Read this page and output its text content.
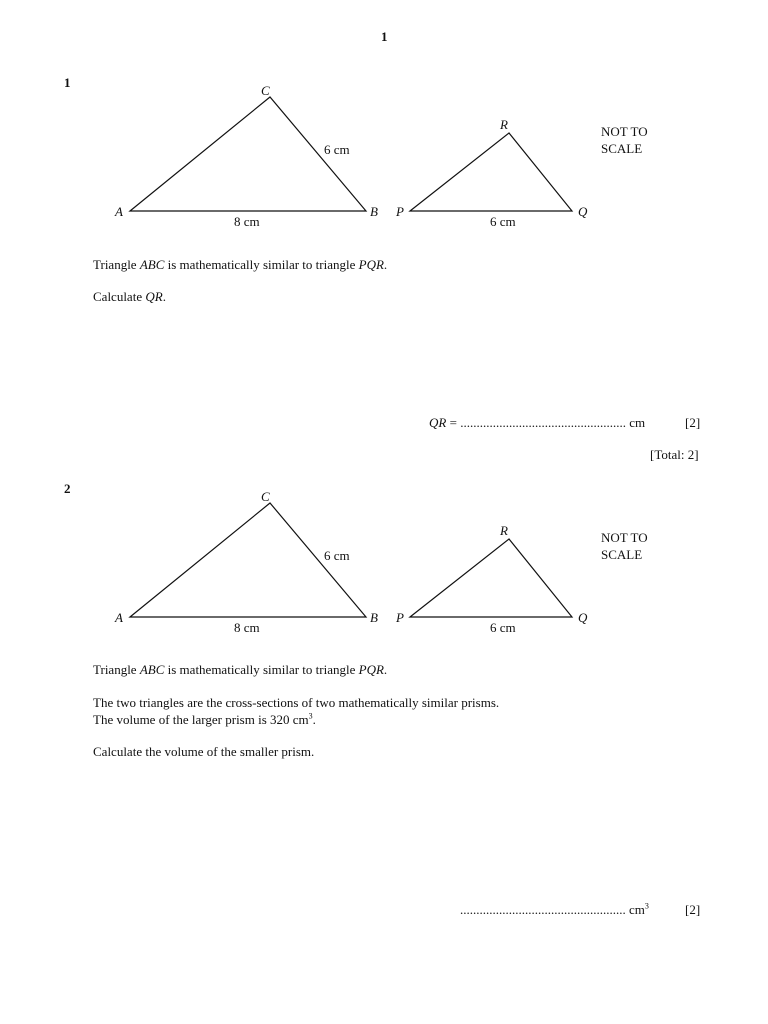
1
1
C
A	B
6 cm
8 cm
R
P	Q
6 cm
NOT TO
SCALE
Triangle ABC is mathematically similar to triangle PQR.
Calculate QR.
QR = ................................................... cm	[2]
[Total: 2]
2
C
A	B
6 cm
8 cm
R
P	Q
6 cm
NOT TO
SCALE
Triangle ABC is mathematically similar to triangle PQR.
The two triangles are the cross-sections of two mathematically similar prisms.
The volume of the larger prism is 320 $cm^3$.
Calculate the volume of the smaller prism.
................................................... $cm^3$	[2]
